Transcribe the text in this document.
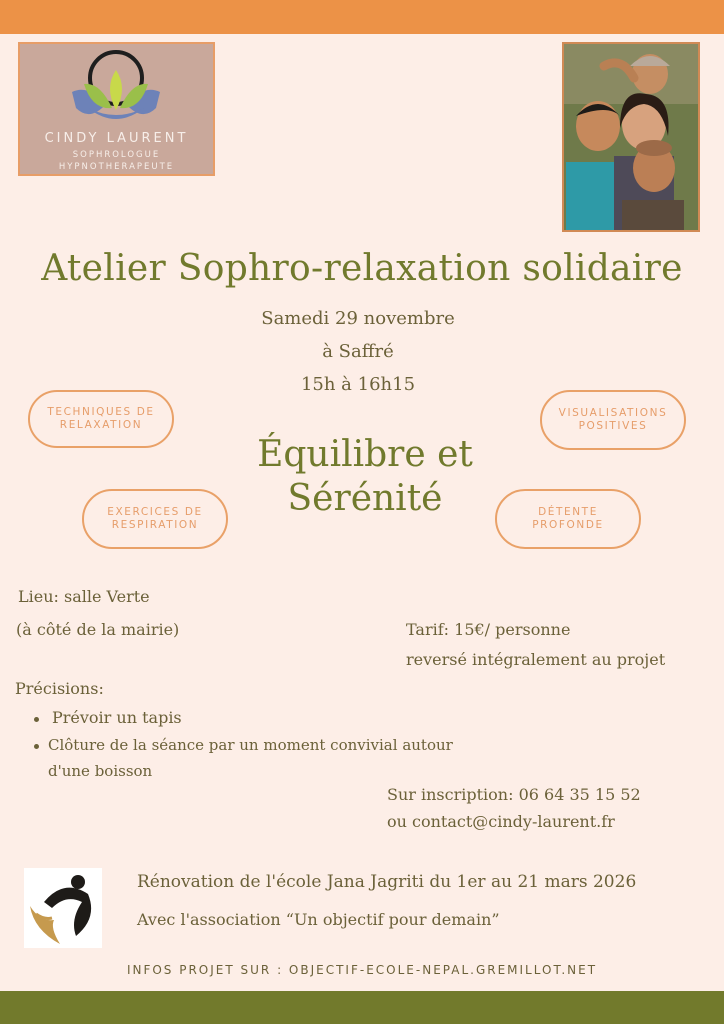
CINDY LAURENT
SOPHROLOGUE
HYPNOTHERAPEUTE
Atelier Sophro-relaxation solidaire
Samedi 29 novembre
à Saffré
15h à 16h15
TECHNIQUES DE
RELAXATION
VISUALISATIONS
POSITIVES
EXERCICES DE
RESPIRATION
DÉTENTE
PROFONDE
Équilibre et
Sérénité
Lieu: salle Verte
(à côté de la mairie)	Tarif: 15€/ personne
reversé intégralement au projet
Précisions:
Prévoir un tapis
Clôture de la séance par un moment convivial autour
d'une boisson
Sur inscription: 06 64 35 15 52
ou contact@cindy-laurent.fr
Rénovation de l'école Jana Jagriti du 1er au 21 mars 2026
Avec l'association “Un objectif pour demain”
INFOS PROJET SUR : OBJECTIF-ECOLE-NEPAL.GREMILLOT.NET
